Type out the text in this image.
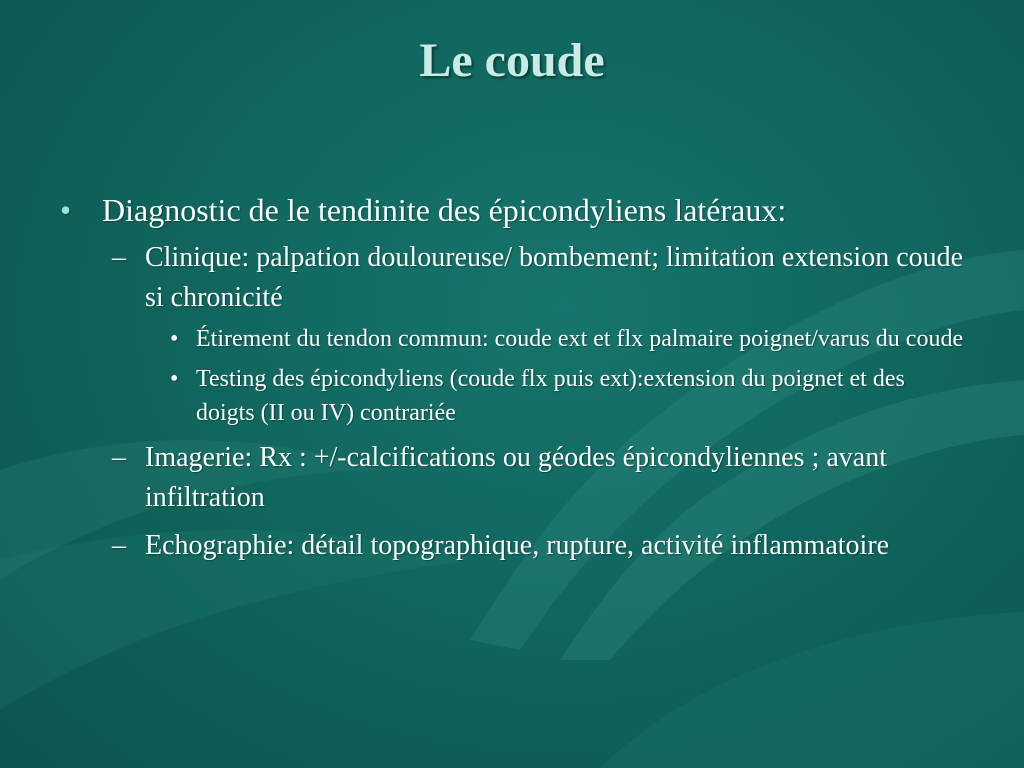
Le coude
• Diagnostic de le tendinite des épicondyliens latéraux:
– Clinique: palpation douloureuse/ bombement; limitation extension coude si chronicité
• Étirement du tendon commun: coude ext et flx palmaire poignet/varus du coude
• Testing des épicondyliens (coude flx puis ext):extension du poignet et des doigts (II ou IV) contrariée
– Imagerie: Rx : +/-calcifications ou géodes épicondyliennes ; avant infiltration
– Echographie: détail topographique, rupture, activité inflammatoire
